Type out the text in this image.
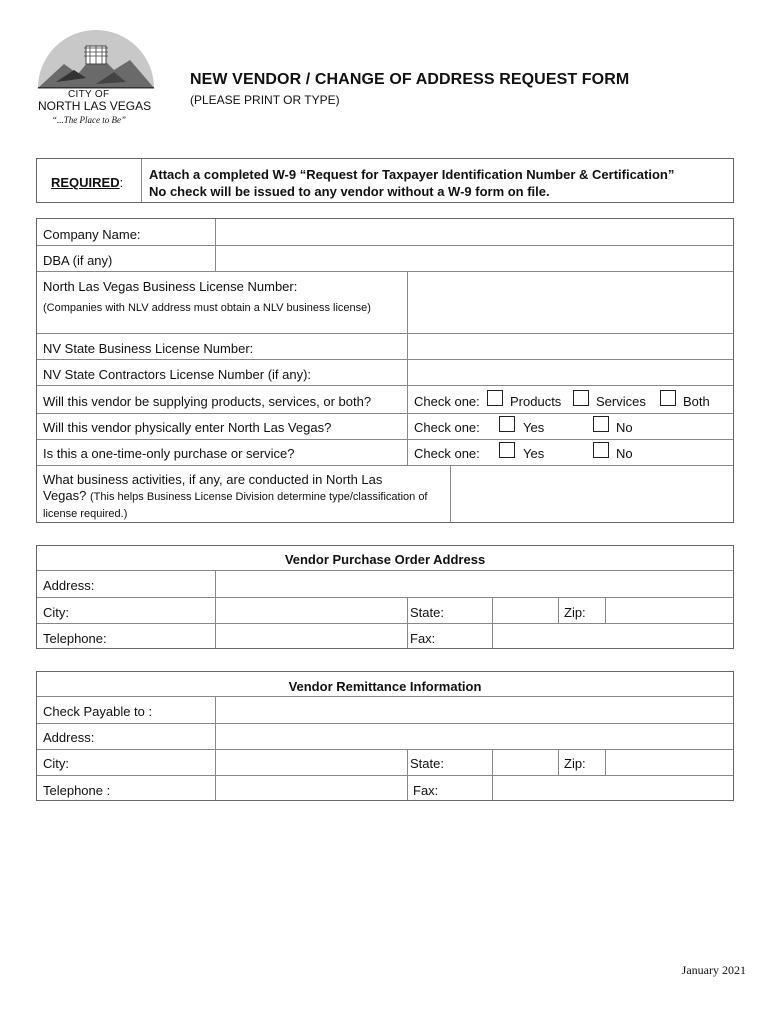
CITY OF
NORTH LAS VEGAS
“...The Place to Be”
NEW VENDOR / CHANGE OF ADDRESS REQUEST FORM
(PLEASE PRINT OR TYPE)
REQUIRED:
Attach a completed W-9 “Request for Taxpayer Identification Number & Certification”
No check will be issued to any vendor without a W-9 form on file.
Company Name:
DBA (if any)
North Las Vegas Business License Number:
(Companies with NLV address must obtain a NLV business license)
NV State Business License Number:
NV State Contractors License Number (if any):
Will this vendor be supplying products, services, or both?	Check one: Products	Services	Both
Will this vendor physically enter North Las Vegas?	Check one:	Yes	No
Is this a one-time-only purchase or service?	Check one:	Yes	No
What business activities, if any, are conducted in North Las
Vegas? (This helps Business License Division determine type/classification of license required.)
Vendor Purchase Order Address
Address:
City:	State:	Zip:
Telephone:	Fax:
Vendor Remittance Information
Check Payable to :
Address:
City:	State:	Zip:
Telephone :	Fax:
January 2021
